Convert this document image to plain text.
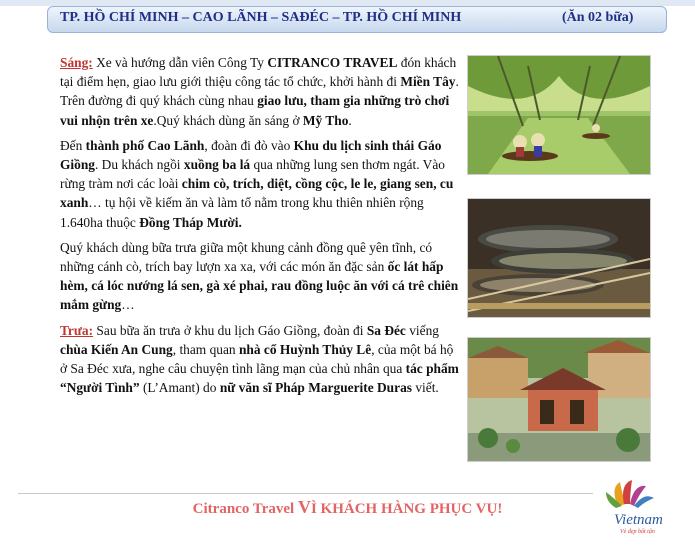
TP. HỒ CHÍ MINH – CAO LÃNH – SAĐÉC – TP. HỒ CHÍ MINH	(Ăn 02 bữa)

Sáng: Xe và hướng dẫn viên Công Ty CITRANCO TRAVEL đón khách tại điểm hẹn, giao lưu giới thiệu công tác tổ chức, khởi hành đi Miền Tây. Trên đường đi quý khách cùng nhau giao lưu, tham gia những trò chơi vui nhộn trên xe.Quý khách dùng ăn sáng ở Mỹ Tho.

Đến thành phố Cao Lãnh, đoàn đi đò vào Khu du lịch sinh thái Gáo Giồng. Du khách ngồi xuồng ba lá qua những lung sen thơm ngát. Vào rừng tràm nơi các loài chim cò, trích, diệt, cồng cộc, le le, giang sen, cu xanh… tụ hội về kiếm ăn và làm tổ nằm trong khu thiên nhiên rộng 1.640ha thuộc Đồng Tháp Mười.

Quý khách dùng bữa trưa giữa một khung cảnh đồng quê yên tĩnh, có những cánh cò, trích bay lượn xa xa, với các món ăn đặc sản ốc lát hấp hèm, cá lóc nướng lá sen, gà xé phai, rau đồng luộc ăn với cá trê chiên mắm gừng…

Trưa: Sau bữa ăn trưa ở khu du lịch Gáo Giồng, đoàn đi Sa Đéc viếng chùa Kiến An Cung, tham quan nhà cổ Huỳnh Thủy Lê, của một bá hộ ở Sa Đéc xưa, nghe câu chuyện tình lãng mạn của chủ nhân qua tác phẩm “Người Tình” (L’Amant) do nữ văn sĩ Pháp Marguerite Duras viết.

Citranco Travel VÌ KHÁCH HÀNG PHỤC VỤ!
Vietnam
Vẻ đẹp bất tận
